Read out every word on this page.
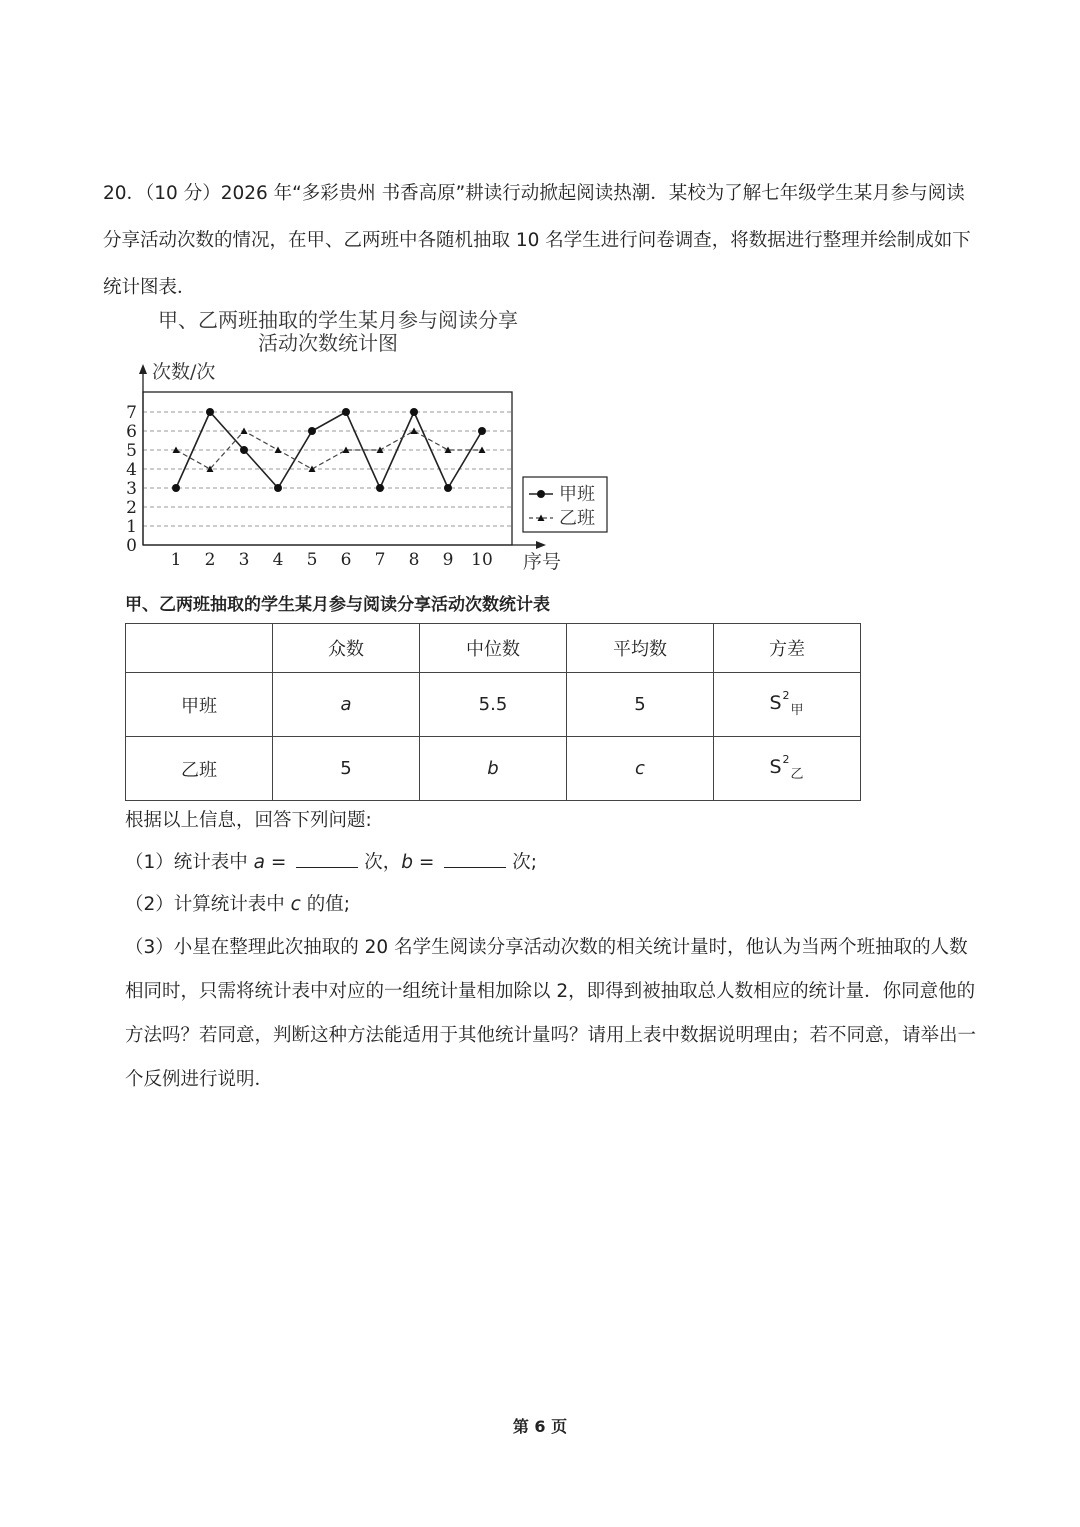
20．（10 分）2026 年“多彩贵州 书香高原”耕读行动掀起阅读热潮．某校为了解七年级学生某月参与阅读分享活动次数的情况，在甲、乙两班中各随机抽取 10 名学生进行问卷调查，将数据进行整理并绘制成如下统计图表．

甲、乙两班抽取的学生某月参与阅读分享
活动次数统计图
次数/次
序号
0
1
2
3
4
5
6
7
1 2 3 4 5 6 7 8 9 10
甲班
乙班
甲、乙两班抽取的学生某月参与阅读分享活动次数统计表
	众数	中位数	平均数	方差
甲班	a	5.5	5	$S^2_甲$
乙班	5	b	c	$S^2_乙$

根据以上信息，回答下列问题:

（1）统计表中 a =	次，b =	次;

（2）计算统计表中 c 的值;

（3）小星在整理此次抽取的 20 名学生阅读分享活动次数的相关统计量时，他认为当两个班抽取的人数相同时，只需将统计表中对应的一组统计量相加除以 2，即得到被抽取总人数相应的统计量．你同意他的方法吗？若同意，判断这种方法能适用于其他统计量吗？请用上表中数据说明理由；若不同意，请举出一个反例进行说明．

第 6 页
